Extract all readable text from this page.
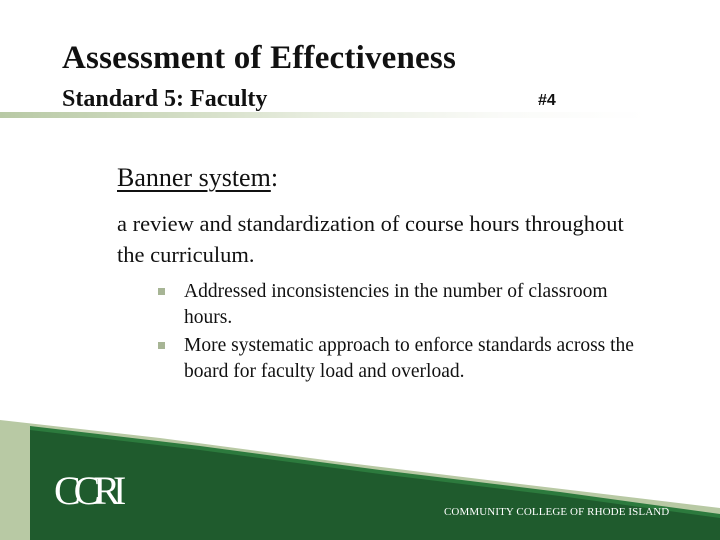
Assessment of Effectiveness
Standard 5: Faculty	#4
Banner system:
a review and standardization of course hours throughout the curriculum.
Addressed inconsistencies in the number of classroom hours.
More systematic approach to enforce standards across the board for faculty load and overload.
CCRI	COMMUNITY COLLEGE OF RHODE ISLAND
